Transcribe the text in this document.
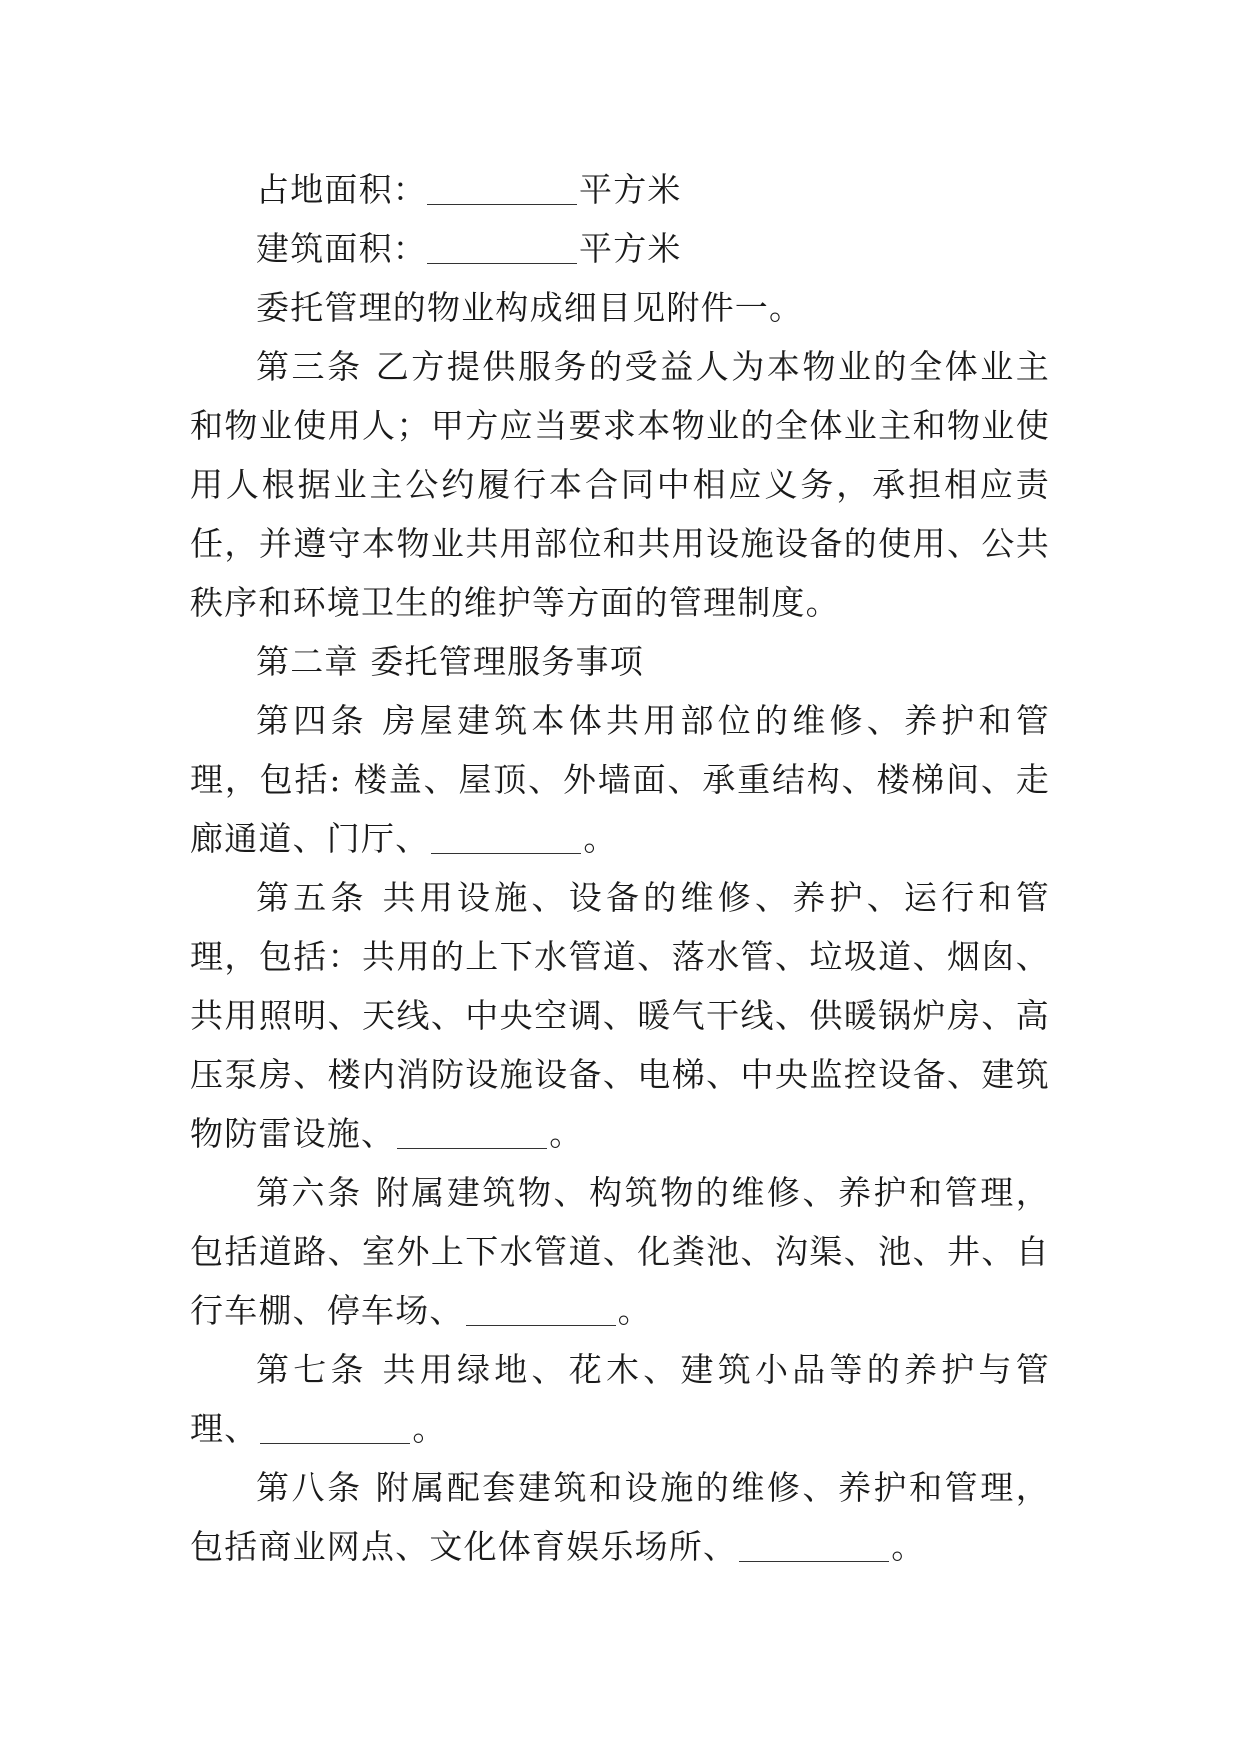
占地面积：	平方米

建筑面积：	平方米

委托管理的物业构成细目见附件一。

第三条 乙方提供服务的受益人为本物业的全体业主和物业使用人；甲方应当要求本物业的全体业主和物业使用人根据业主公约履行本合同中相应义务，承担相应责任，并遵守本物业共用部位和共用设施设备的使用、公共秩序和环境卫生的维护等方面的管理制度。

第二章 委托管理服务事项

第四条 房屋建筑本体共用部位的维修、养护和管理，包括: 楼盖、屋顶、外墙面、承重结构、楼梯间、走廊通道、门厅、	。

第五条 共用设施、设备的维修、养护、运行和管理，包括：共用的上下水管道、落水管、垃圾道、烟囱、共用照明、天线、中央空调、暖气干线、供暖锅炉房、高压泵房、楼内消防设施设备、电梯、中央监控设备、建筑物防雷设施、	。

第六条 附属建筑物、构筑物的维修、养护和管理，包括道路、室外上下水管道、化粪池、沟渠、池、井、自行车棚、停车场、	。

第七条 共用绿地、花木、建筑小品等的养护与管理、	。

第八条 附属配套建筑和设施的维修、养护和管理，包括商业网点、文化体育娱乐场所、	。
